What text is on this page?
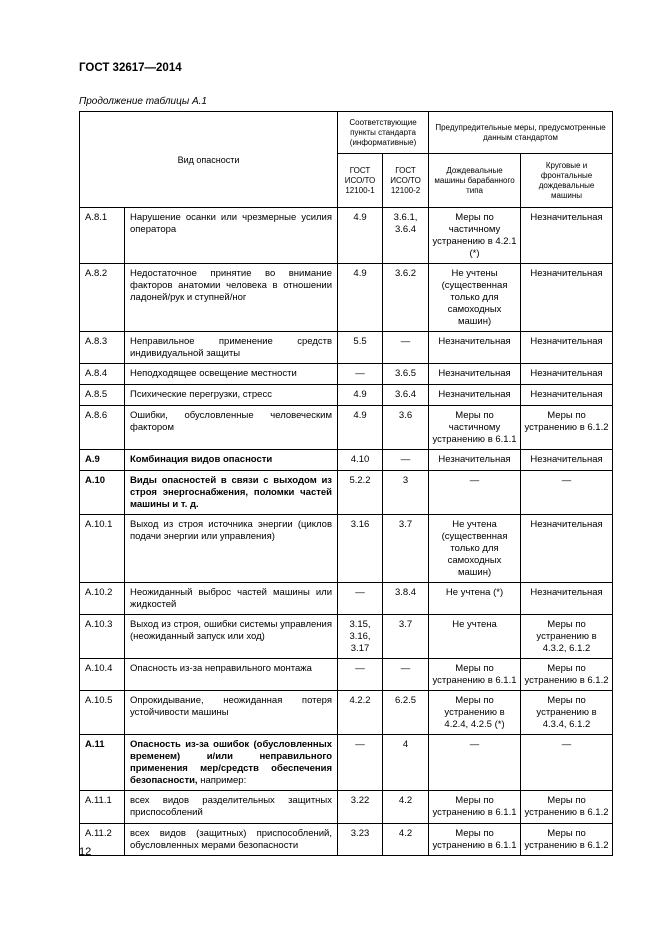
ГОСТ 32617—2014
Продолжение таблицы А.1
Вид опасности		Соответствующие пункты стандарта (информативные)		Предупредительные меры, предусмотренные данным стандартом	
		ГОСТ ИСО/ТО 12100-1	ГОСТ ИСО/ТО 12100-2	Дождевальные машины барабанного типа	Круговые и фронтальные дождевальные машины
А.8.1	Нарушение осанки или чрезмерные усилия оператора	4.9	3.6.1, 3.6.4	Меры по частичному устранению в 4.2.1 (*)	Незначительная
А.8.2	Недостаточное принятие во внимание факторов анатомии человека в отношении ладоней/рук и ступней/ног	4.9	3.6.2	Не учтены (существенная только для самоходных машин)	Незначительная
А.8.3	Неправильное применение средств индивидуальной защиты	5.5	—	Незначительная	Незначительная
А.8.4	Неподходящее освещение местности	—	3.6.5	Незначительная	Незначительная
А.8.5	Психические перегрузки, стресс	4.9	3.6.4	Незначительная	Незначительная
А.8.6	Ошибки, обусловленные человеческим фактором	4.9	3.6	Меры по частичному устранению в 6.1.1	Меры по устранению в 6.1.2
А.9	Комбинация видов опасности	4.10	—	Незначительная	Незначительная
А.10	Виды опасностей в связи с выходом из строя энергоснабжения, поломки частей машины и т. д.	5.2.2	3	—	—
А.10.1	Выход из строя источника энергии (циклов подачи энергии или управления)	3.16	3.7	Не учтена (существенная только для самоходных машин)	Незначительная
А.10.2	Неожиданный выброс частей машины или жидкостей	—	3.8.4	Не учтена (*)	Незначительная
А.10.3	Выход из строя, ошибки системы управления (неожиданный запуск или ход)	3.15, 3.16, 3.17	3.7	Не учтена	Меры по устранению в 4.3.2, 6.1.2
А.10.4	Опасность из-за неправильного монтажа	—	—	Меры по устранению в 6.1.1	Меры по устранению в 6.1.2
А.10.5	Опрокидывание, неожиданная потеря устойчивости машины	4.2.2	6.2.5	Меры по устранению в 4.2.4, 4.2.5 (*)	Меры по устранению в 4.3.4, 6.1.2
А.11	Опасность из-за ошибок (обусловленных временем) и/или неправильного применения мер/средств обеспечения безопасности, например:	—	4	—	—
А.11.1	всех видов разделительных защитных приспособлений	3.22	4.2	Меры по устранению в 6.1.1	Меры по устранению в 6.1.2
А.11.2	всех видов (защитных) приспособлений, обусловленных мерами безопасности	3.23	4.2	Меры по устранению в 6.1.1	Меры по устранению в 6.1.2
12
